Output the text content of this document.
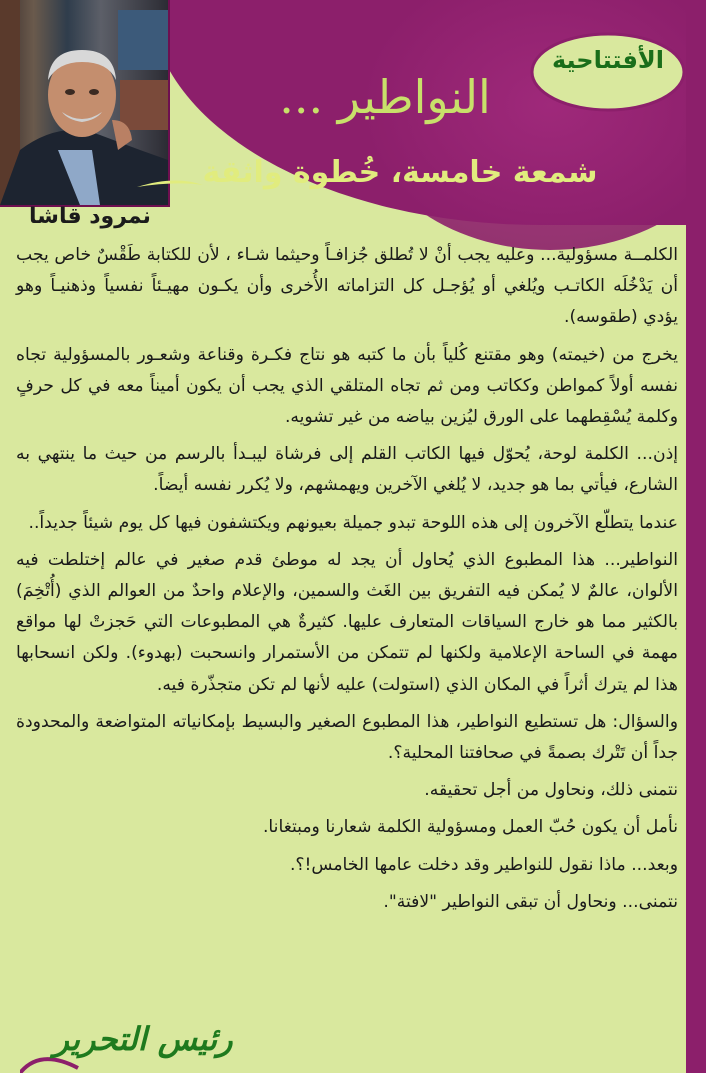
نمرود قاشا
الأفتتاحية
النواطير ...
شمعة خامسة، خُطوة واثقة

الكلمــة مسؤولية... وعليه يجب أنْ لا تُطلق جُزافـاً وحيثما شـاء ، لأن للكتابة طَقْسٌ خاص يجب أن يَدْخُلَه الكاتـب ويُلغي أو يُؤجـل كل التزاماته الأُخرى وأن يكـون مهيـئاً نفسياً وذهنيـاً وهو يؤدي (طقوسه).

يخرج من (خيمته) وهو مقتنع كُلياً بأن ما كتبه هو نتاج فكـرة وقناعة وشعـور بالمسؤولية تجاه نفسه أولاً كمواطن وككاتب ومن ثم تجاه المتلقي الذي يجب أن يكون أميناً معه في كل حرفٍ وكلمة يُسْقِطهما على الورق ليُزين بياضه من غير تشويه.

إذن... الكلمة لوحة، يُحوّل فيها الكاتب القلم إلى فرشاة ليبـدأ بالرسم من حيث ما ينتهي به الشارع، فيأتي بما هو جديد، لا يُلغي الآخرين ويهمشهم، ولا يُكرر نفسه أيضاً.

عندما يتطلّع الآخرون إلى هذه اللوحة تبدو جميلة بعيونهم ويكتشفون فيها كل يوم شيئاً جديداً..

النواطير... هذا المطبوع الذي يُحاول أن يجد له موطئ قدم صغير في عالم إختلطت فيه الألوان، عالمٌ لا يُمكن فيه التفريق بين الغَث والسمين، والإعلام واحدٌ من العوالم الذي (أُتْخِمَ) بالكثير مما هو خارج السياقات المتعارف عليها. كثيرةٌ هي المطبوعات التي حَجزتْ لها مواقع مهمة في الساحة الإعلامية ولكنها لم تتمكن من الأستمرار وانسحبت (بهدوء). ولكن انسحابها هذا لم يترك أثراً في المكان الذي (استولت) عليه لأنها لم تكن متجذّرة فيه.

والسؤال: هل تستطيع النواطير، هذا المطبوع الصغير والبسيط بإمكانياته المتواضعة والمحدودة جداً أن تَتْرك بصمةً في صحافتنا المحلية؟.

نتمنى ذلك، ونحاول من أجل تحقيقه.

نأمل أن يكون حُبّ العمل ومسؤولية الكلمة شعارنا ومبتغانا.

وبعد... ماذا نقول للنواطير وقد دخلت عامها الخامس!؟.

نتمنى... ونحاول أن تبقى النواطير "لافتة".

رئيس التحرير
